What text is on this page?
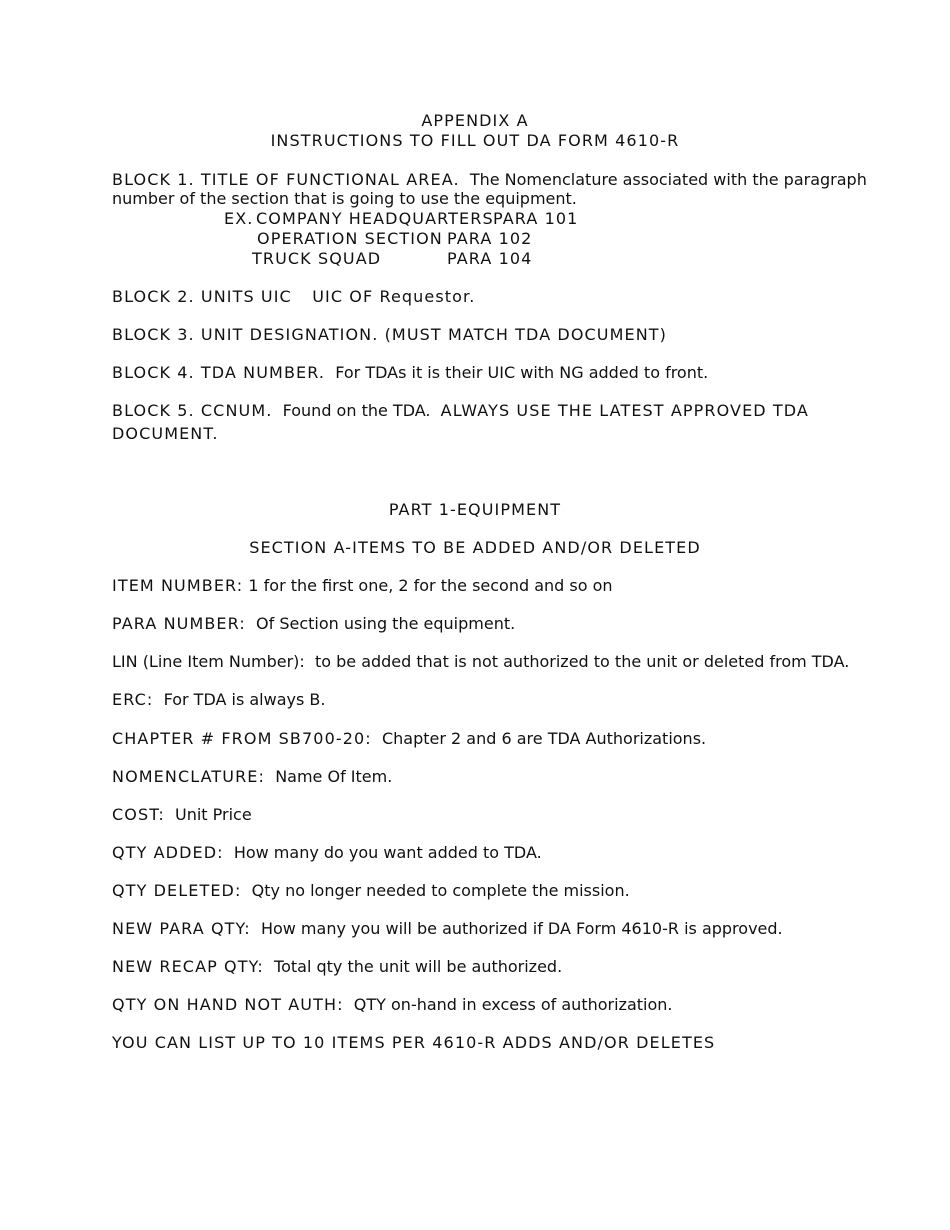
APPENDIX A
INSTRUCTIONS TO FILL OUT DA FORM 4610-R
BLOCK 1. TITLE OF FUNCTIONAL AREA. The Nomenclature associated with the paragraph
number of the section that is going to use the equipment.
EX. COMPANY HEADQUARTERS PARA 101
OPERATION SECTION PARA 102
TRUCK SQUAD	PARA 104
BLOCK 2. UNITS UIC UIC OF Requestor.
BLOCK 3. UNIT DESIGNATION. (MUST MATCH TDA DOCUMENT)
BLOCK 4. TDA NUMBER. For TDAs it is their UIC with NG added to front.
BLOCK 5. CCNUM. Found on the TDA. ALWAYS USE THE LATEST APPROVED TDA
DOCUMENT.
PART 1-EQUIPMENT
SECTION A-ITEMS TO BE ADDED AND/OR DELETED
ITEM NUMBER: 1 for the first one, 2 for the second and so on
PARA NUMBER: Of Section using the equipment.
LIN (Line Item Number): to be added that is not authorized to the unit or deleted from TDA.
ERC: For TDA is always B.
CHAPTER # FROM SB700-20: Chapter 2 and 6 are TDA Authorizations.
NOMENCLATURE: Name Of Item.
COST: Unit Price
QTY ADDED: How many do you want added to TDA.
QTY DELETED: Qty no longer needed to complete the mission.
NEW PARA QTY: How many you will be authorized if DA Form 4610-R is approved.
NEW RECAP QTY: Total qty the unit will be authorized.
QTY ON HAND NOT AUTH: QTY on-hand in excess of authorization.
YOU CAN LIST UP TO 10 ITEMS PER 4610-R ADDS AND/OR DELETES
